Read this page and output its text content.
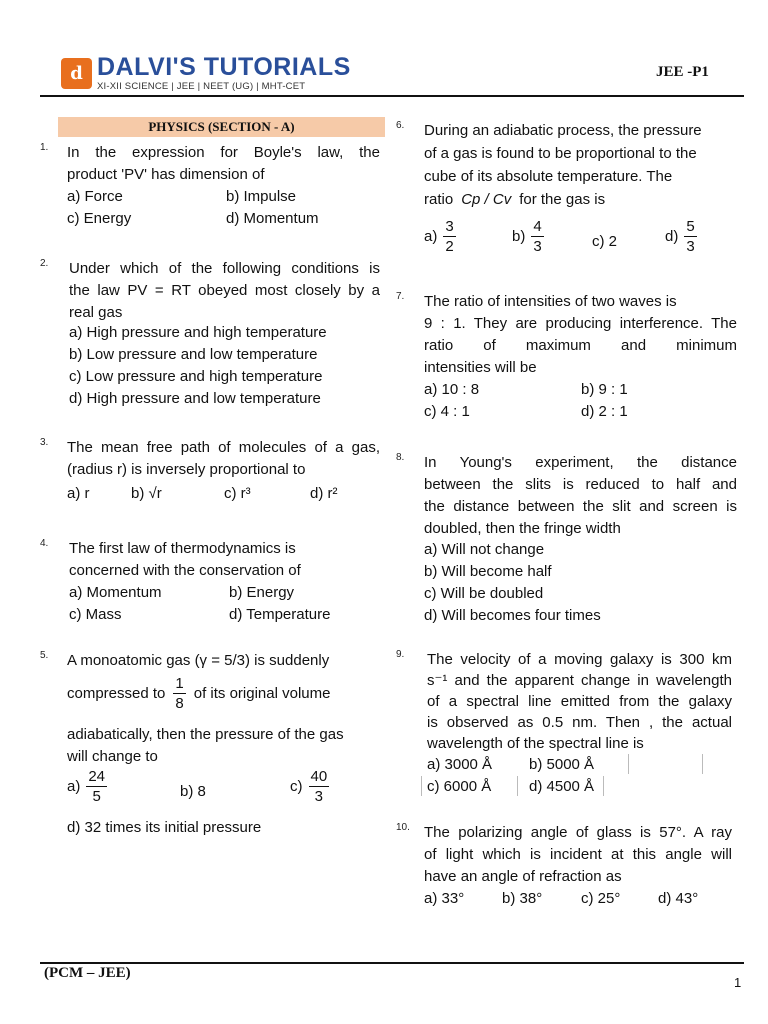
d DALVI'S TUTORIALS
XI-XII SCIENCE | JEE | NEET (UG) | MHT-CET
JEE -P1
PHYSICS (SECTION - A)
1. In the expression for Boyle's law, the
product 'PV' has dimension of
a) Force	b) Impulse
c) Energy	d) Momentum
2. Under which of the following conditions is
the law PV = RT obeyed most closely by a
real gas
a) High pressure and high temperature
b) Low pressure and low temperature
c) Low pressure and high temperature
d) High pressure and low temperature
3. The mean free path of molecules of a gas,
(radius r) is inversely proportional to
a) r	b) √r	c) r³	d) r²
4. The first law of thermodynamics is
concerned with the conservation of
a) Momentum	b) Energy
c) Mass	d) Temperature
5. A monoatomic gas (γ = 5/3) is suddenly
compressed to $\frac{1}{8}$ of its original volume
adiabatically, then the pressure of the gas
will change to
$a) \frac{24}{5}$	b) 8	$c) \frac{40}{3}$
d) 32 times its initial pressure
6. During an adiabatic process, the pressure
of a gas is found to be proportional to the
cube of its absolute temperature. The
ratio Cp / Cv for the gas is
$a) \frac{3}{2}$	$b) \frac{4}{3}$	c) 2	$d) \frac{5}{3}$
7. The ratio of intensities of two waves is
9 : 1. They are producing interference. The
ratio of maximum and minimum
intensities will be
a) 10 : 8	b) 9 : 1
c) 4 : 1	d) 2 : 1
8. In Young's experiment, the distance
between the slits is reduced to half and
the distance between the slit and screen is
doubled, then the fringe width
a) Will not change
b) Will become half
c) Will be doubled
d) Will becomes four times
9. The velocity of a moving galaxy is 300 km
s⁻¹ and the apparent change in wavelength
of a spectral line emitted from the galaxy
is observed as 0.5 nm. Then , the actual
wavelength of the spectral line is
a) 3000 Å b) 5000 Å
c) 6000 Å	d) 4500 Å
10. The polarizing angle of glass is 57°. A ray
of light which is incident at this angle will
have an angle of refraction as
a) 33°	b) 38°	c) 25°	d) 43°
(PCM – JEE)
1
